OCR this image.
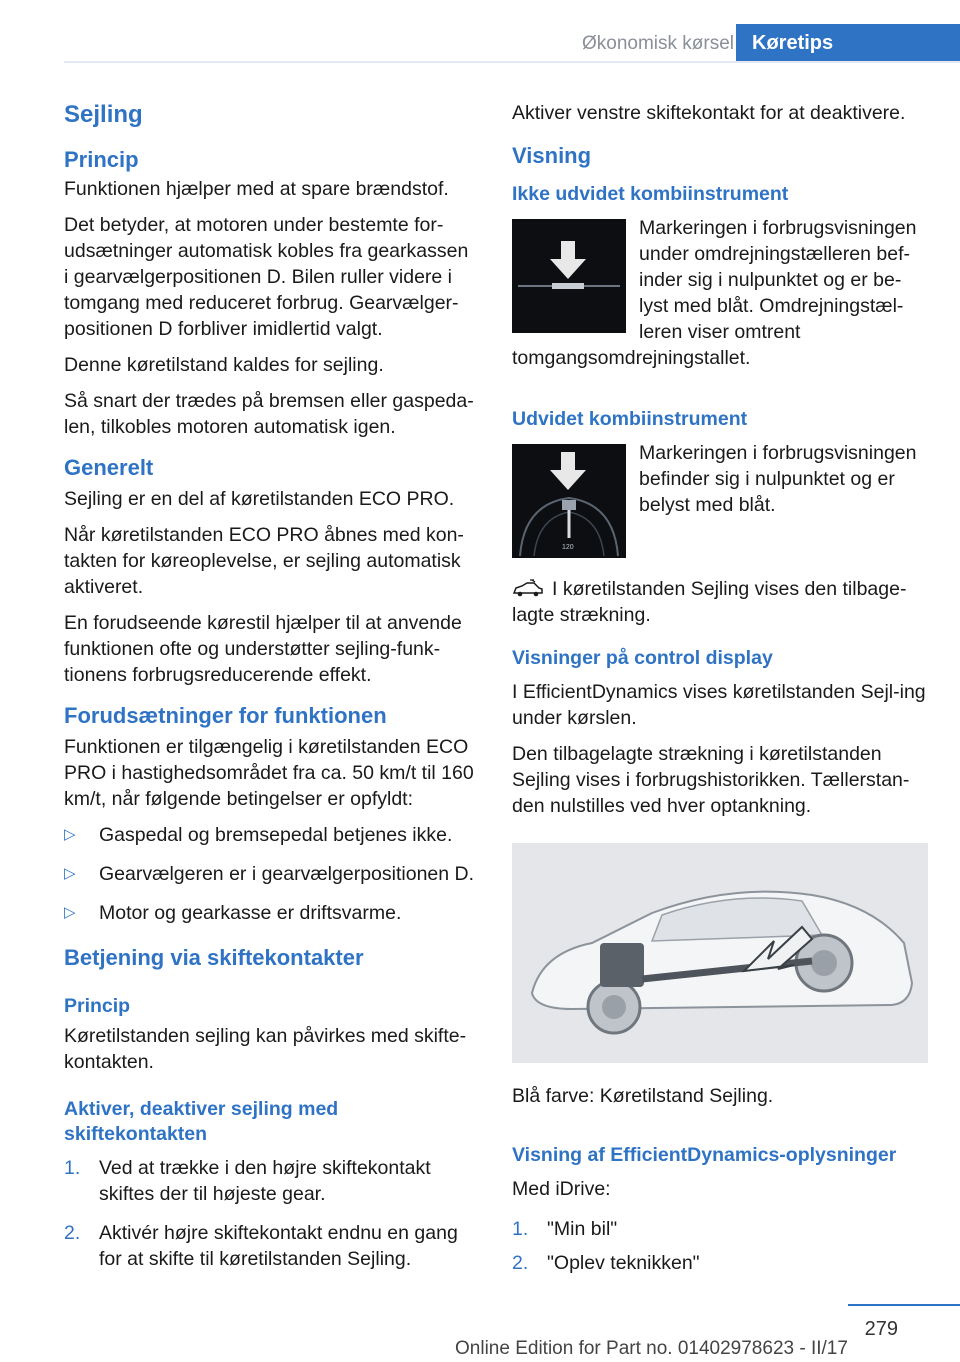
Økonomisk kørsel Køretips
Sejling
Princip

Funktionen hjælper med at spare brændstof.

Det betyder, at motoren under bestemte for‐udsætninger automatisk kobles fra gearkassen i gearvælgerpositionen D. Bilen ruller videre i tomgang med reduceret forbrug. Gearvælger‐positionen D forbliver imidlertid valgt.

Denne køretilstand kaldes for sejling.

Så snart der trædes på bremsen eller gaspeda‐len, tilkobles motoren automatisk igen.

Generelt

Sejling er en del af køretilstanden ECO PRO.

Når køretilstanden ECO PRO åbnes med kon‐takten for køreoplevelse, er sejling automatisk aktiveret.

En forudseende kørestil hjælper til at anvende funktionen ofte og understøtter sejling-funk‐tionens forbrugsreducerende effekt.

Forudsætninger for funktionen

Funktionen er tilgængelig i køretilstanden ECO PRO i hastighedsområdet fra ca. 50 km/t til 160 km/t, når følgende betingelser er opfyldt:

▷ Gaspedal og bremsepedal betjenes ikke.
▷ Gearvælgeren er i gearvælgerpositionen D.
▷ Motor og gearkasse er driftsvarme.
Betjening via skiftekontakter
Princip

Køretilstanden sejling kan påvirkes med skifte‐kontakten.

Aktiver, deaktiver sejling med skiftekontakten
1. Ved at trække i den højre skiftekontakt skiftes der til højeste gear.
2. Aktivér højre skiftekontakt endnu en gang for at skifte til køretilstanden Sejling.

Aktiver venstre skiftekontakt for at deaktivere.

Visning
Ikke udvidet kombiinstrument

Markeringen i forbrugsvisningen under omdrejningstælleren bef‐inder sig i nulpunktet og er be‐lyst med blåt. Omdrejningstæl‐leren viser omtrent tomgangsomdrejningstallet.

Udvidet kombiinstrument
120

Markeringen i forbrugsvisningen befinder sig i nulpunktet og er belyst med blåt.

I køretilstanden Sejling vises den tilbage‐lagte strækning.

Visninger på control display

I EfficientDynamics vises køretilstanden Sejl‐ing under kørslen.

Den tilbagelagte strækning i køretilstanden Sejling vises i forbrugshistorikken. Tællerstan‐den nulstilles ved hver optankning.

Blå farve: Køretilstand Sejling.

Visning af EfficientDynamics-oplysninger

Med iDrive:

1. "Min bil"
2. "Oplev teknikken"
279
Online Edition for Part no. 01402978623 - II/17
